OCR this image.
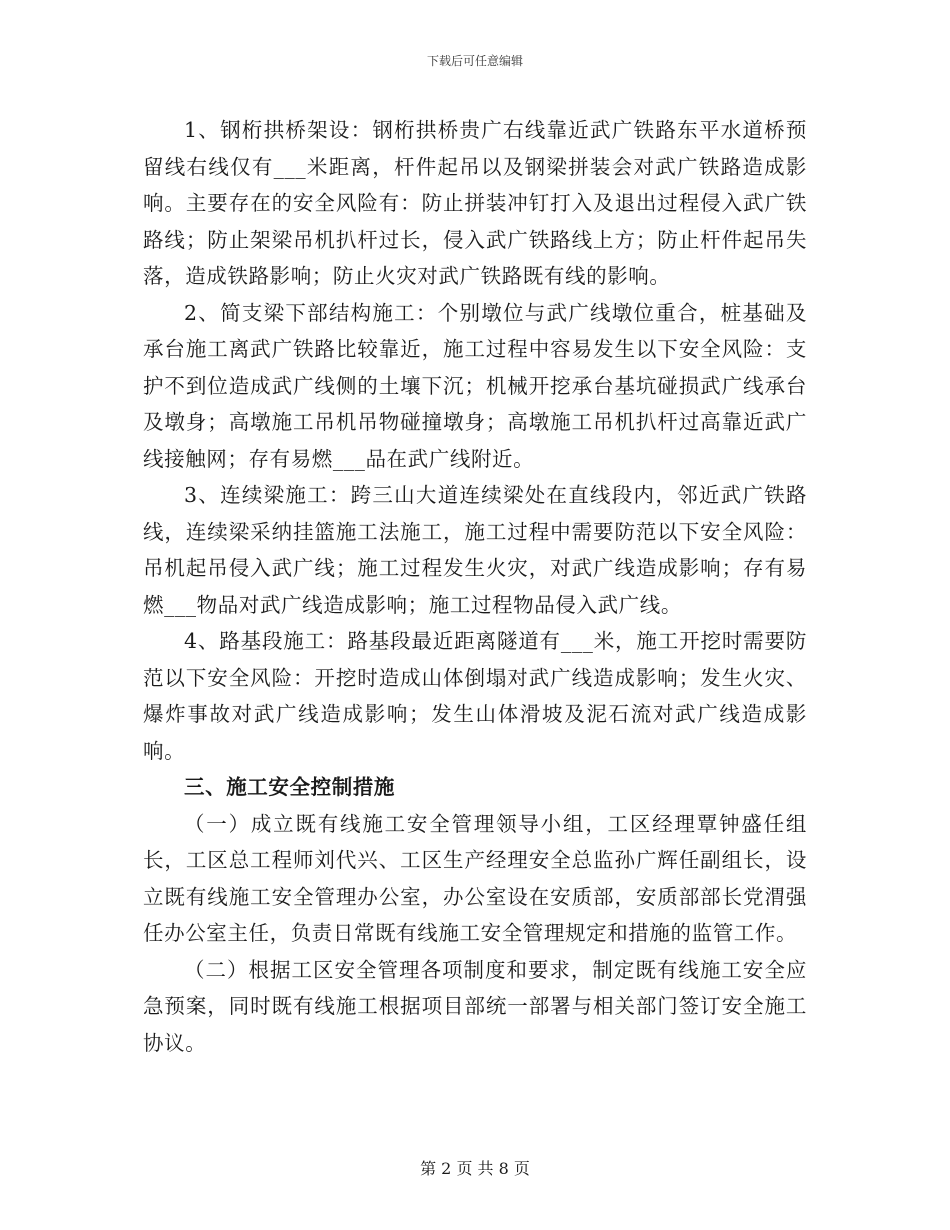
下载后可任意编辑

1、钢桁拱桥架设：钢桁拱桥贵广右线靠近武广铁路东平水道桥预留线右线仅有___米距离，杆件起吊以及钢梁拼装会对武广铁路造成影响。主要存在的安全风险有：防止拼装冲钉打入及退出过程侵入武广铁路线；防止架梁吊机扒杆过长，侵入武广铁路线上方；防止杆件起吊失落，造成铁路影响；防止火灾对武广铁路既有线的影响。

2、简支梁下部结构施工：个别墩位与武广线墩位重合，桩基础及承台施工离武广铁路比较靠近，施工过程中容易发生以下安全风险：支护不到位造成武广线侧的土壤下沉；机械开挖承台基坑碰损武广线承台及墩身；高墩施工吊机吊物碰撞墩身；高墩施工吊机扒杆过高靠近武广线接触网；存有易燃___品在武广线附近。

3、连续梁施工：跨三山大道连续梁处在直线段内，邻近武广铁路线，连续梁采纳挂篮施工法施工，施工过程中需要防范以下安全风险：吊机起吊侵入武广线；施工过程发生火灾，对武广线造成影响；存有易燃___物品对武广线造成影响；施工过程物品侵入武广线。

4、路基段施工：路基段最近距离隧道有___米，施工开挖时需要防范以下安全风险：开挖时造成山体倒塌对武广线造成影响；发生火灾、爆炸事故对武广线造成影响；发生山体滑坡及泥石流对武广线造成影响。

三、施工安全控制措施

（一）成立既有线施工安全管理领导小组，工区经理覃钟盛任组长，工区总工程师刘代兴、工区生产经理安全总监孙广辉任副组长，设立既有线施工安全管理办公室，办公室设在安质部，安质部部长党渭强任办公室主任，负责日常既有线施工安全管理规定和措施的监管工作。

（二）根据工区安全管理各项制度和要求，制定既有线施工安全应急预案，同时既有线施工根据项目部统一部署与相关部门签订安全施工协议。

第 2 页 共 8 页
